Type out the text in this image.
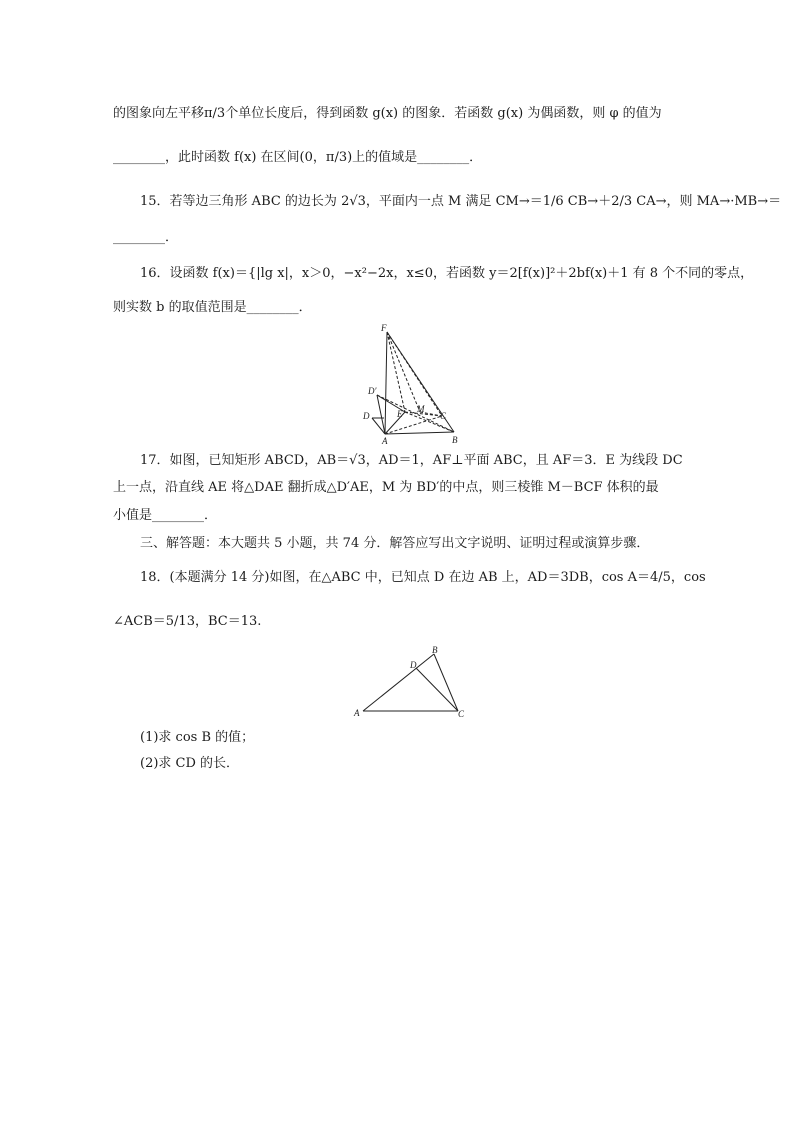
的图象向左平移π/3个单位长度后，得到函数 g(x) 的图象．若函数 g(x) 为偶函数，则 φ 的值为
________，此时函数 f(x) 在区间(0，π/3)上的值域是________．
15．若等边三角形 ABC 的边长为 2√3，平面内一点 M 满足 CM→＝1/6 CB→＋2/3 CA→，则 MA→·MB→＝
________．
16．设函数 f(x)＝{|lg x|，x＞0，−x²−2x，x≤0，若函数 y＝2[f(x)]²＋2bf(x)＋1 有 8 个不同的零点，
则实数 b 的取值范围是________．
F
D′
D	E M
C
A	B
17．如图，已知矩形 ABCD，AB＝√3，AD＝1，AF⊥平面 ABC，且 AF＝3．E 为线段 DC
上一点，沿直线 AE 将△DAE 翻折成△D′AE，M 为 BD′的中点，则三棱锥 M－BCF 体积的最
小值是________．
三、解答题：本大题共 5 小题，共 74 分．解答应写出文字说明、证明过程或演算步骤．
18．(本题满分 14 分)如图，在△ABC 中，已知点 D 在边 AB 上，AD＝3DB，cos A＝4/5，cos
∠ACB＝5/13，BC＝13.
D
B
A	C
(1)求 cos B 的值；
(2)求 CD 的长．
